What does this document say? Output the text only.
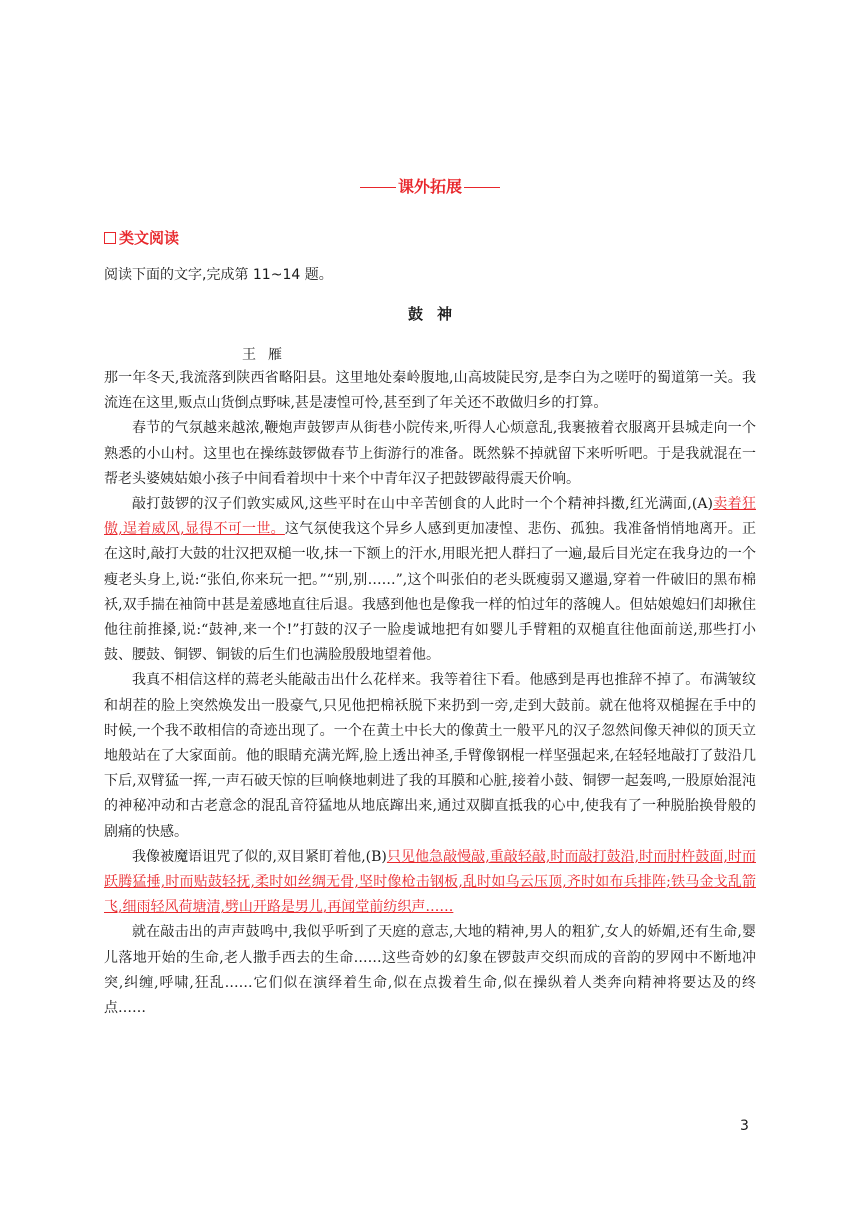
课外拓展
类文阅读
阅读下面的文字,完成第 11~14 题。
鼓神
王雁

那一年冬天,我流落到陕西省略阳县。这里地处秦岭腹地,山高坡陡民穷,是李白为之嗟吁的蜀道第一关。我流连在这里,贩点山货倒点野味,甚是凄惶可怜,甚至到了年关还不敢做归乡的打算。

春节的气氛越来越浓,鞭炮声鼓锣声从街巷小院传来,听得人心烦意乱,我裹掖着衣服离开县城走向一个熟悉的小山村。这里也在操练鼓锣做春节上街游行的准备。既然躲不掉就留下来听听吧。于是我就混在一帮老头婆姨姑娘小孩子中间看着坝中十来个中青年汉子把鼓锣敲得震天价响。

敲打鼓锣的汉子们敦实威风,这些平时在山中辛苦刨食的人此时一个个精神抖擞,红光满面,(A)卖着狂傲,逞着威风,显得不可一世。这气氛使我这个异乡人感到更加凄惶、悲伤、孤独。我准备悄悄地离开。正在这时,敲打大鼓的壮汉把双槌一收,抹一下额上的汗水,用眼光把人群扫了一遍,最后目光定在我身边的一个瘦老头身上,说:“张伯,你来玩一把。”“别,别……”,这个叫张伯的老头既瘦弱又邋遢,穿着一件破旧的黑布棉袄,双手揣在袖筒中甚是羞感地直往后退。我感到他也是像我一样的怕过年的落魄人。但姑娘媳妇们却揪住他往前推搡,说:“鼓神,来一个!”打鼓的汉子一脸虔诚地把有如婴儿手臂粗的双槌直往他面前送,那些打小鼓、腰鼓、铜锣、铜钹的后生们也满脸殷殷地望着他。

我真不相信这样的蔫老头能敲击出什么花样来。我等着往下看。他感到是再也推辞不掉了。布满皱纹和胡茬的脸上突然焕发出一股豪气,只见他把棉袄脱下来扔到一旁,走到大鼓前。就在他将双槌握在手中的时候,一个我不敢相信的奇迹出现了。一个在黄土中长大的像黄土一般平凡的汉子忽然间像天神似的顶天立地般站在了大家面前。他的眼睛充满光辉,脸上透出神圣,手臂像钢棍一样坚强起来,在轻轻地敲打了鼓沿几下后,双臂猛一挥,一声石破天惊的巨响倏地刺进了我的耳膜和心脏,接着小鼓、铜锣一起轰鸣,一股原始混沌的神秘冲动和古老意念的混乱音符猛地从地底蹿出来,通过双脚直抵我的心中,使我有了一种脱胎换骨般的剧痛的快感。

我像被魔语诅咒了似的,双目紧盯着他,(B)只见他急敲慢敲,重敲轻敲,时而敲打鼓沿,时而肘杵鼓面,时而跃腾猛捶,时而贴鼓轻抚,柔时如丝绸无骨,坚时像枪击钢板,乱时如乌云压顶,齐时如布兵排阵;铁马金戈乱箭飞,细雨轻风荷塘清,劈山开路是男儿,再闻堂前纺织声……

就在敲击出的声声鼓鸣中,我似乎听到了天庭的意志,大地的精神,男人的粗犷,女人的娇媚,还有生命,婴儿落地开始的生命,老人撒手西去的生命……这些奇妙的幻象在锣鼓声交织而成的音韵的罗网中不断地冲突,纠缠,呼啸,狂乱……它们似在演绎着生命,似在点拨着生命,似在操纵着人类奔向精神将要达及的终点……

3
